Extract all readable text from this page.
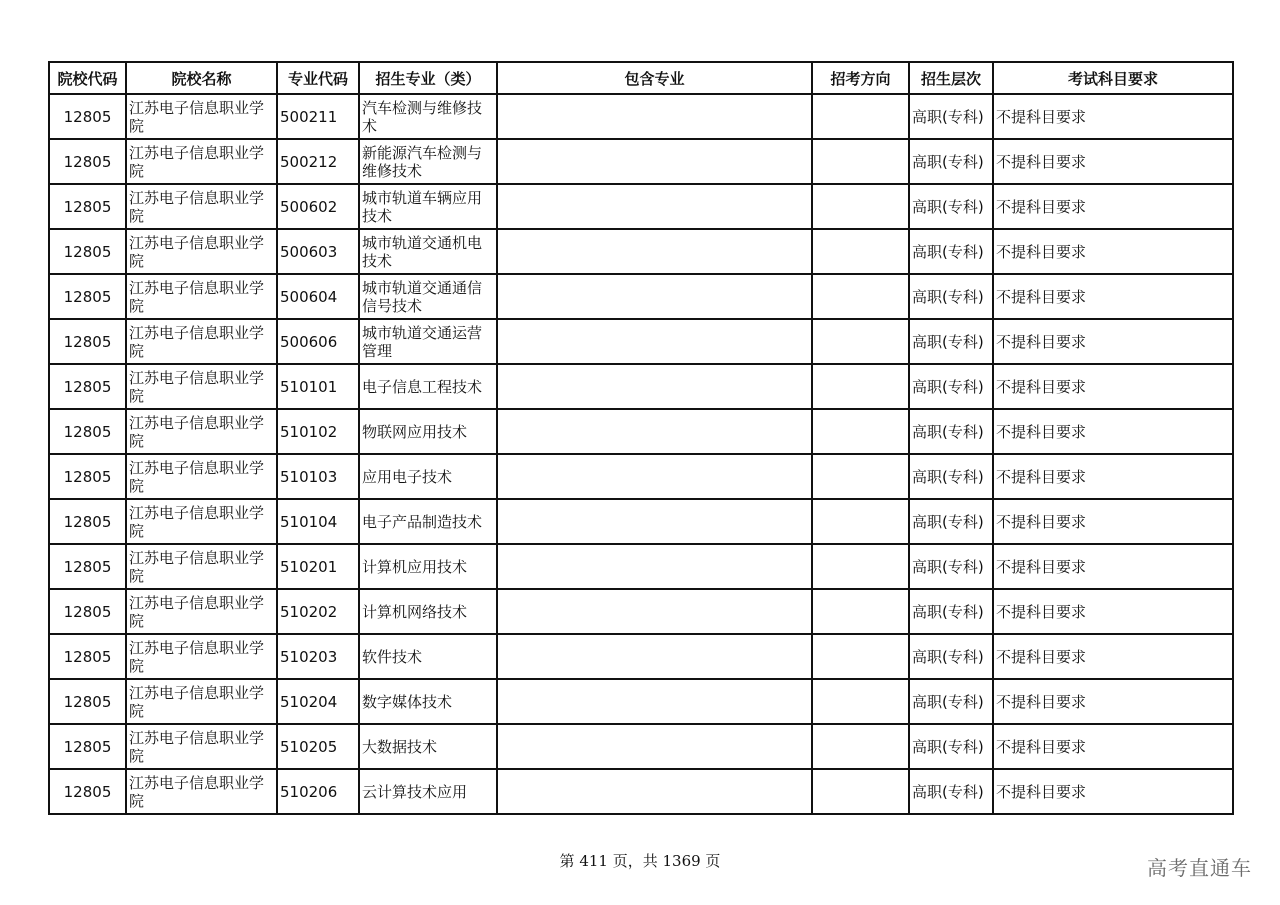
院校代码	院校名称	专业代码	招生专业（类）	包含专业	招考方向	招生层次	考试科目要求
12805	江苏电子信息职业学院	500211	汽车检测与维修技术			高职(专科)	不提科目要求
12805	江苏电子信息职业学院	500212	新能源汽车检测与维修技术			高职(专科)	不提科目要求
12805	江苏电子信息职业学院	500602	城市轨道车辆应用技术			高职(专科)	不提科目要求
12805	江苏电子信息职业学院	500603	城市轨道交通机电技术			高职(专科)	不提科目要求
12805	江苏电子信息职业学院	500604	城市轨道交通通信信号技术			高职(专科)	不提科目要求
12805	江苏电子信息职业学院	500606	城市轨道交通运营管理			高职(专科)	不提科目要求
12805	江苏电子信息职业学院	510101	电子信息工程技术			高职(专科)	不提科目要求
12805	江苏电子信息职业学院	510102	物联网应用技术			高职(专科)	不提科目要求
12805	江苏电子信息职业学院	510103	应用电子技术			高职(专科)	不提科目要求
12805	江苏电子信息职业学院	510104	电子产品制造技术			高职(专科)	不提科目要求
12805	江苏电子信息职业学院	510201	计算机应用技术			高职(专科)	不提科目要求
12805	江苏电子信息职业学院	510202	计算机网络技术			高职(专科)	不提科目要求
12805	江苏电子信息职业学院	510203	软件技术			高职(专科)	不提科目要求
12805	江苏电子信息职业学院	510204	数字媒体技术			高职(专科)	不提科目要求
12805	江苏电子信息职业学院	510205	大数据技术			高职(专科)	不提科目要求
12805	江苏电子信息职业学院	510206	云计算技术应用			高职(专科)	不提科目要求
第 411 页，共 1369 页	高考直通车
